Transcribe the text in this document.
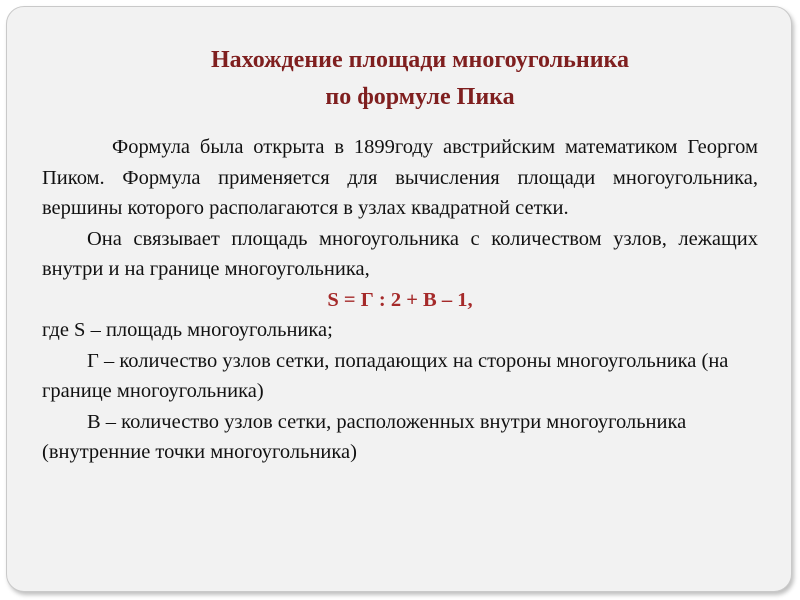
Нахождение площади многоугольника
по формуле Пика

Формула была открыта в 1899году австрийским математиком Георгом Пиком. Формула применяется для вычисления площади многоугольника, вершины которого располагаются в узлах квадратной сетки.

Она связывает площадь многоугольника с количеством узлов, лежащих внутри и на границе многоугольника,

S = Г : 2 + В – 1,

где S – площадь многоугольника;

Г – количество узлов сетки, попадающих на стороны многоугольника (на границе многоугольника)

В – количество узлов сетки, расположенных внутри многоугольника (внутренние точки многоугольника)
